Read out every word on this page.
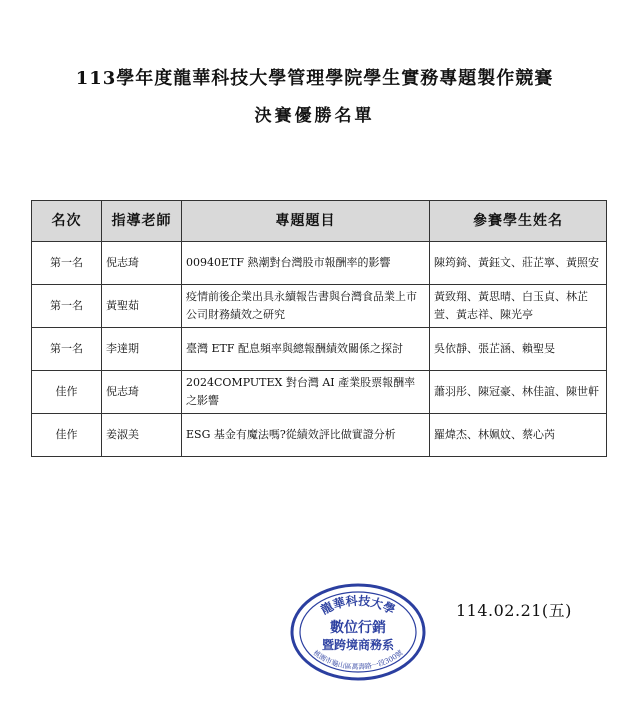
113學年度龍華科技大學管理學院學生實務專題製作競賽
決賽優勝名單
名次	指導老師	專題題目	參賽學生姓名
第一名	倪志琦	00940ETF 熱潮對台灣股市報酬率的影響	陳筠錡、黃鈺文、莊芷寧、黃照安
第一名	黃聖茹	疫情前後企業出具永續報告書與台灣食品業上市公司財務績效之研究	黃致翔、黃思晴、白玉貞、林芷萱、黃志祥、陳光亭
第一名	李達期	臺灣 ETF 配息頻率與總報酬績效關係之探討	吳依靜、張芷涵、賴聖旻
佳作	倪志琦	2024COMPUTEX 對台灣 AI 產業股票報酬率之影響	蕭羽彤、陳冠豪、林佳誼、陳世軒
佳作	姜淑美	ESG 基金有魔法嗎?從績效評比做實證分析	羅煒杰、林姵妏、蔡心芮
龍華科技大學
數位行銷
暨跨境商務系
桃園市龜山區萬壽路一段300號
114.02.21(五)
